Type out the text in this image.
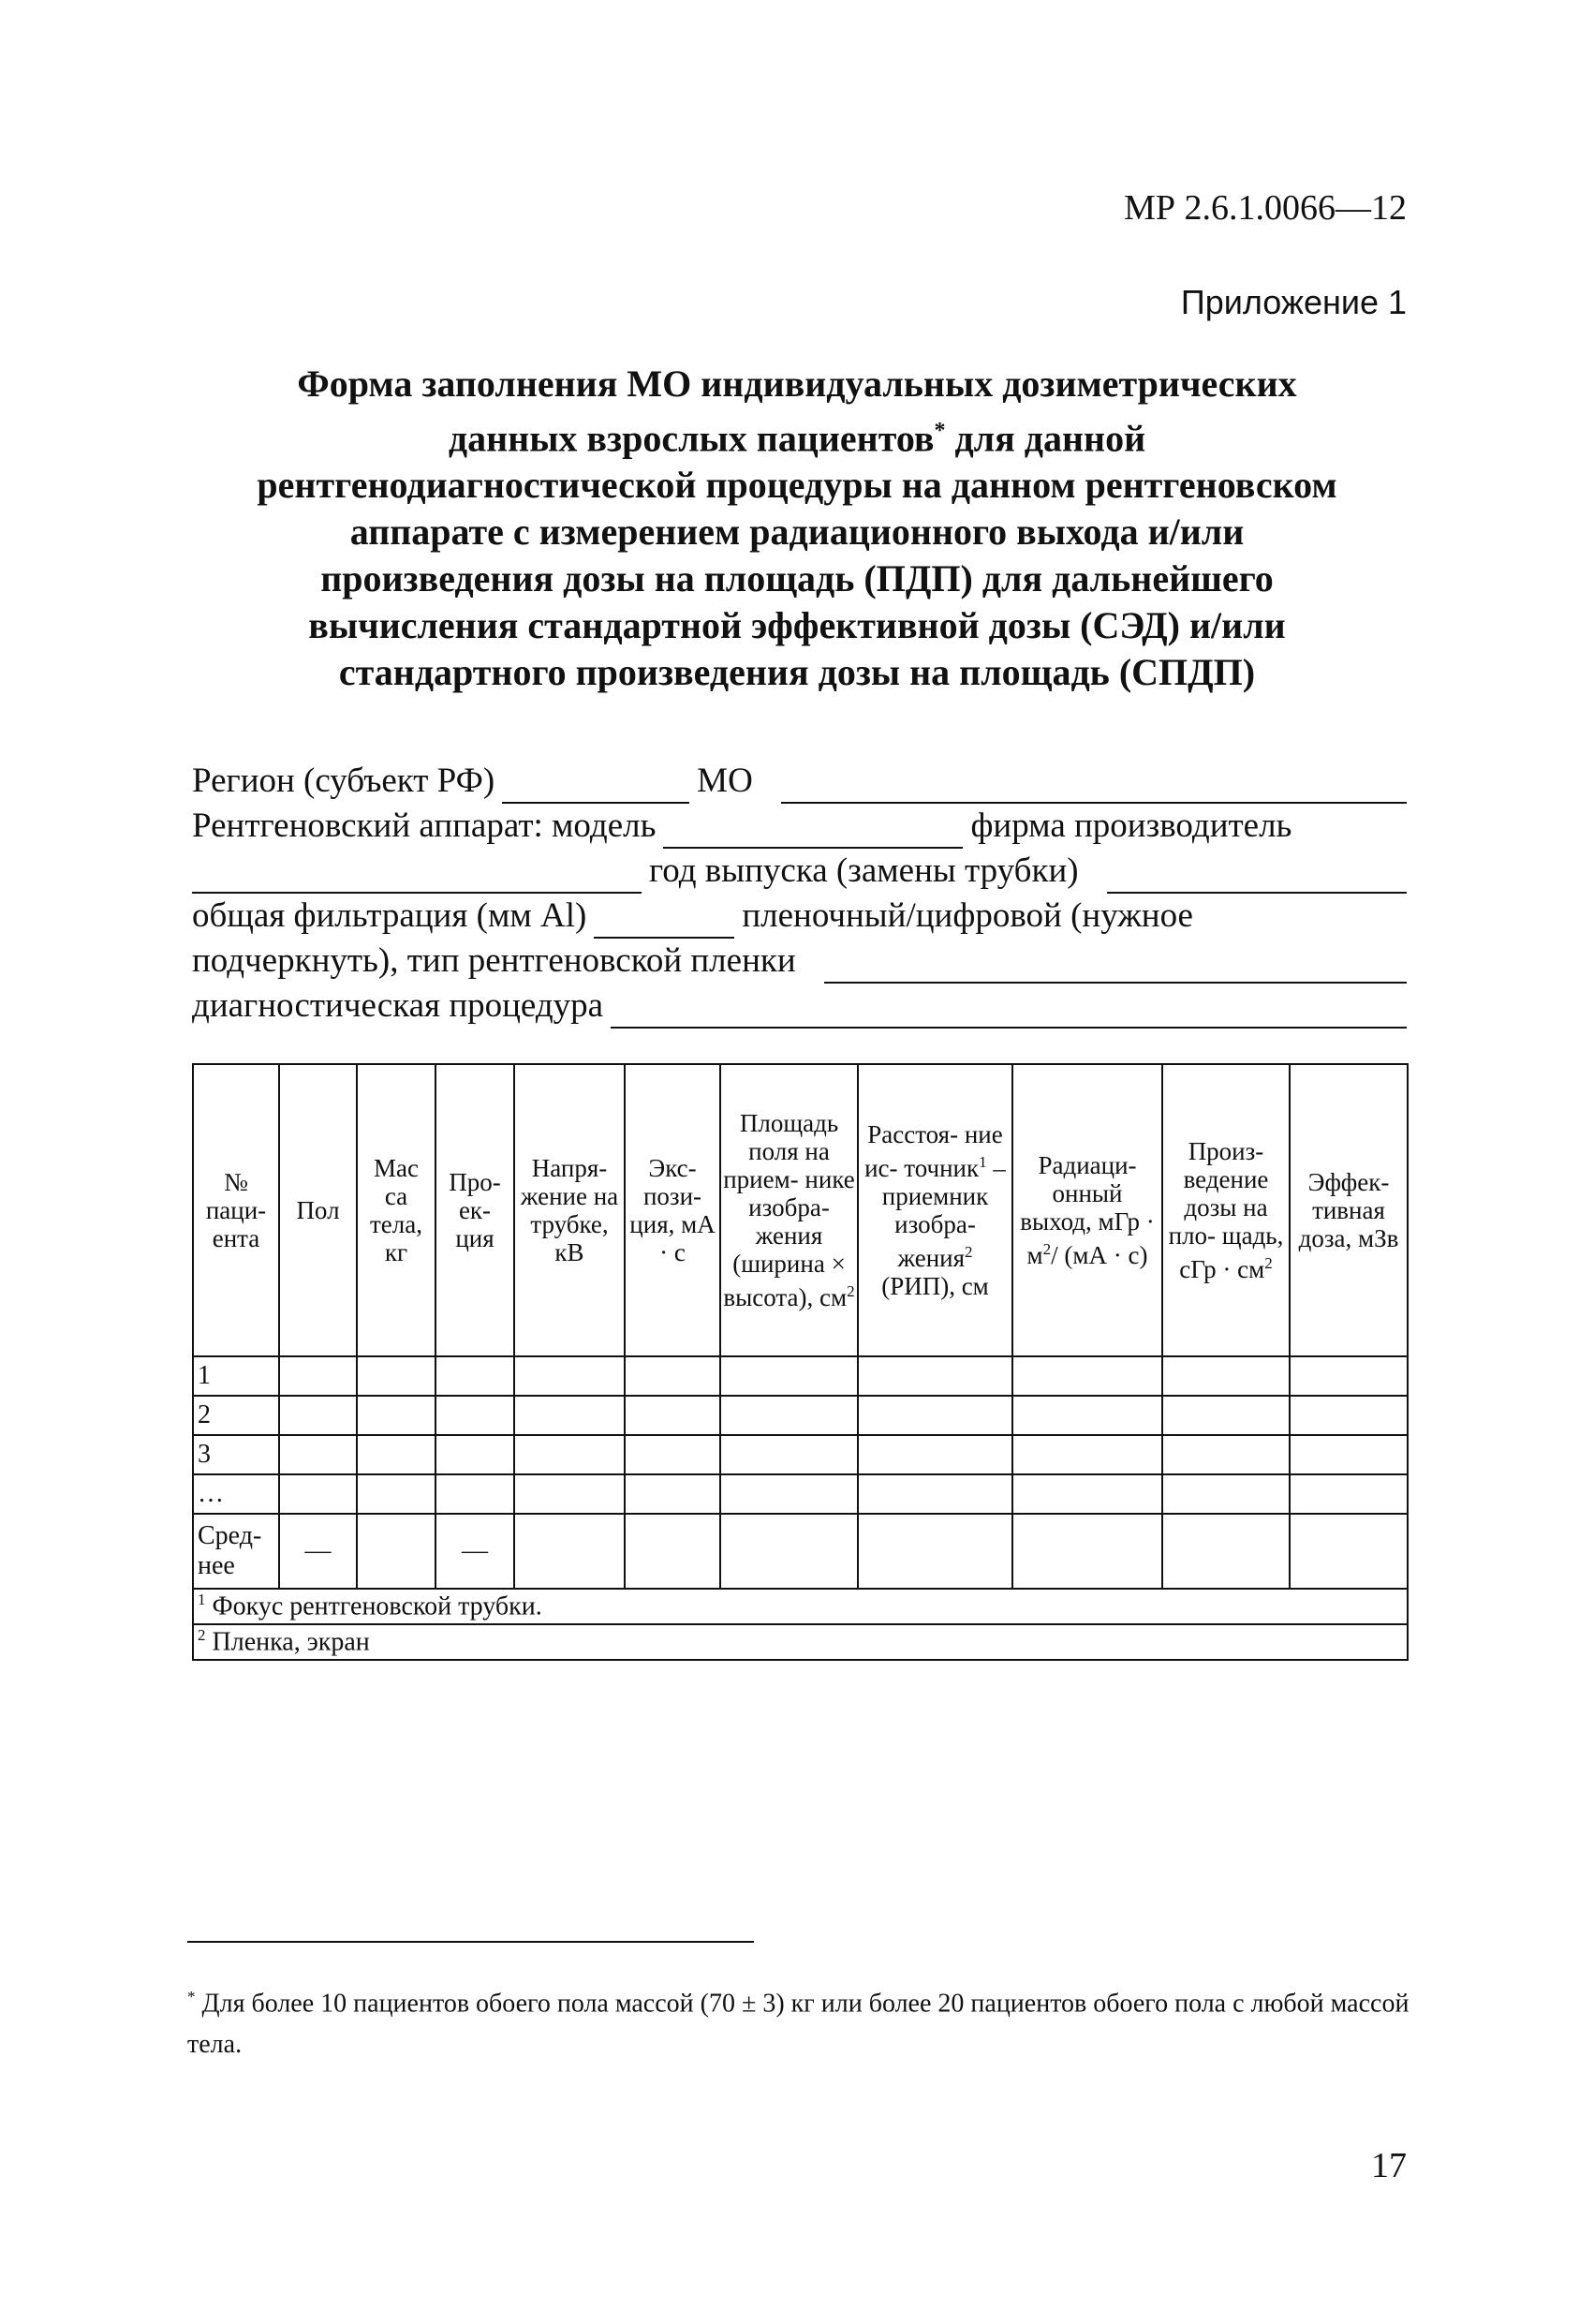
МР 2.6.1.0066—12
Приложение 1
Форма заполнения МО индивидуальных дозиметрических
данных взрослых пациентов* для данной
рентгенодиагностической процедуры на данном рентгеновском
аппарате с измерением радиационного выхода и/или
произведения дозы на площадь (ПДП) для дальнейшего
вычисления стандартной эффективной дозы (СЭД) и/или
стандартного произведения дозы на площадь (СПДП)
Регион (субъект РФ)	МО
Рентгеновский аппарат: модель	фирма производитель
год выпуска (замены трубки)
общая фильтрация (мм Al)	пленочный/цифровой (нужное
подчеркнуть), тип рентгеновской пленки
диагностическая процедура
№ паци- ента	Пол	Мас са тела, кг	Про- ек- ция	Напря- жение на трубке, кВ	Экс- пози- ция, мА · с	Площадь поля на прием- нике изобра- жения (ширина × высота), $см^2$	Расстоя- ние ис- точник$^1$ – приемник изобра- жения$^2$ (РИП), см	Радиаци- онный выход, мГр · $м^2/$ (мА · с)	Произ- ведение дозы на пло- щадь, сГр · $см^2$	Эффек- тивная доза, мЗв
1										
2										
3										
…										
Сред- нее	—		—							
$^1$ Фокус рентгеновской трубки.										
$^2$ Пленка, экран										
* Для более 10 пациентов обоего пола массой (70 ± 3) кг или более 20 пациентов обоего пола с любой массой тела.
17
